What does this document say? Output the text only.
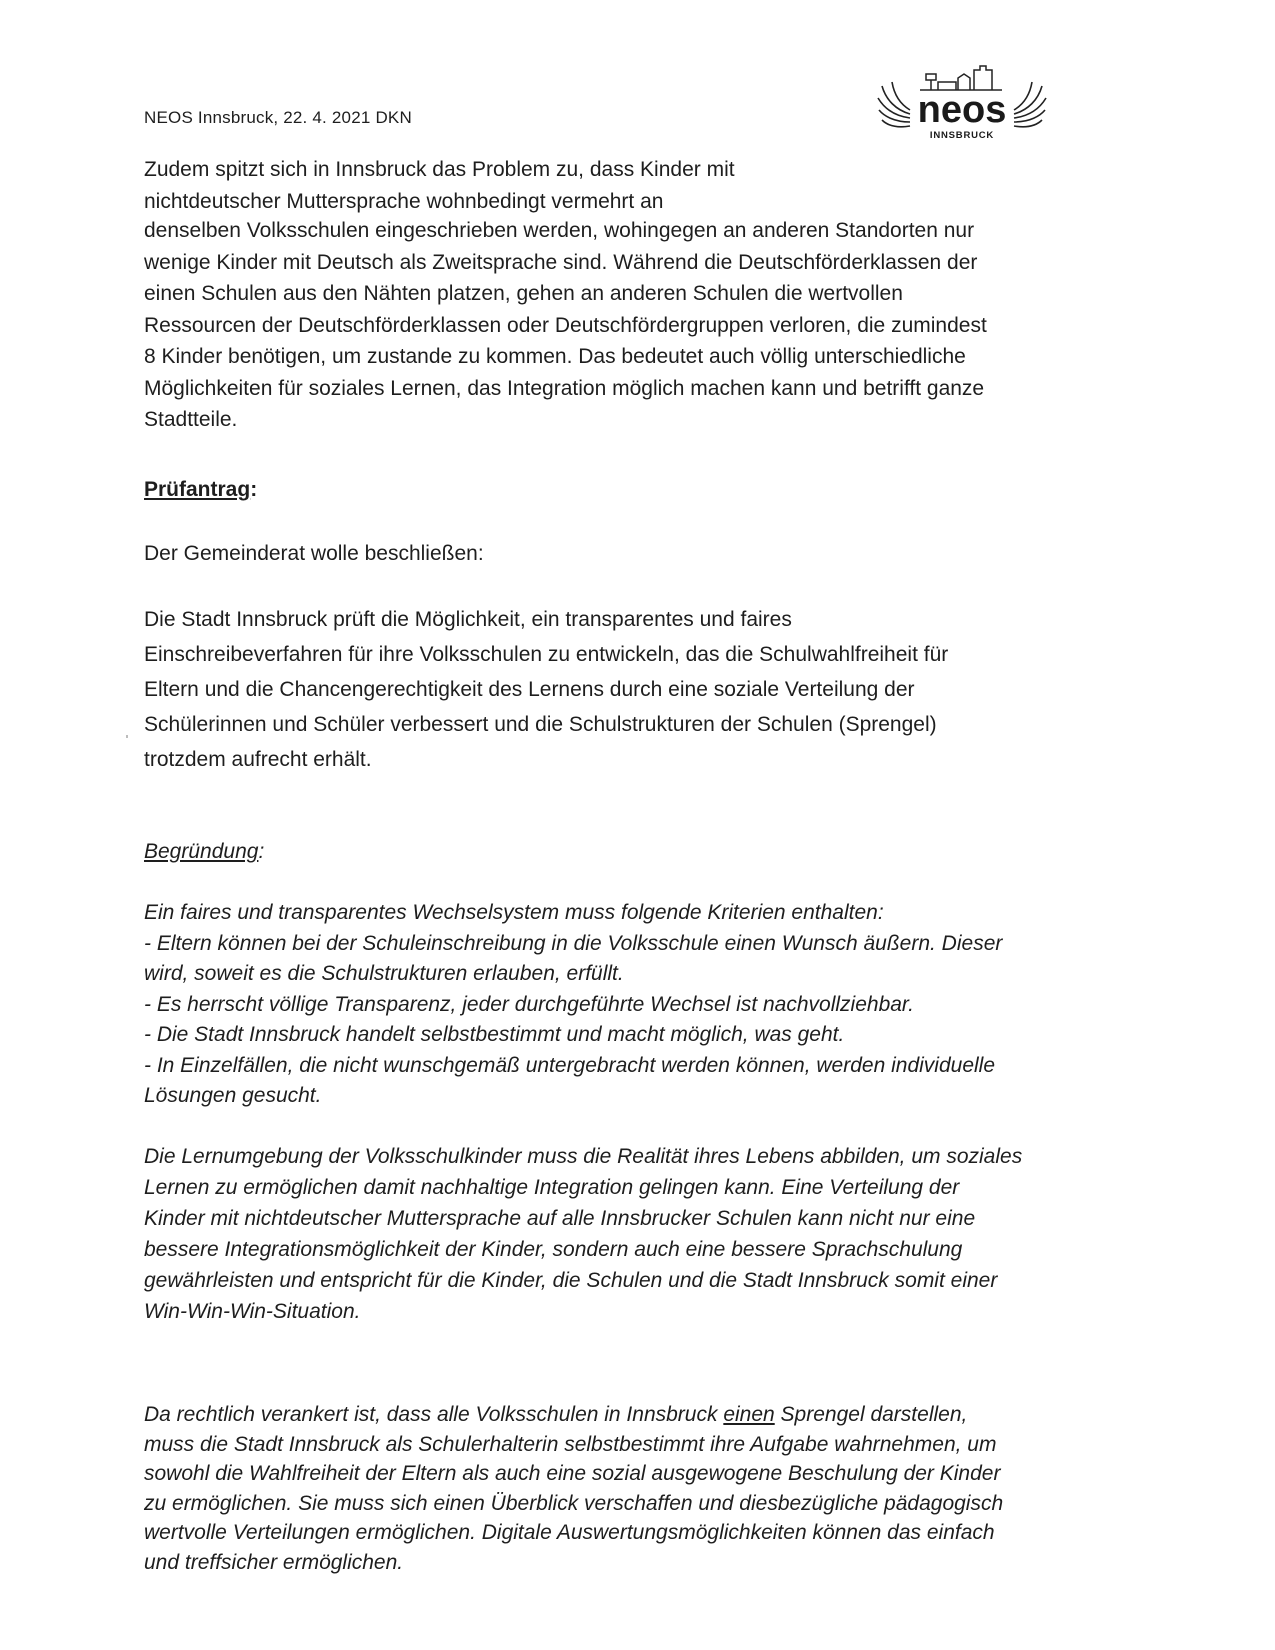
NEOS Innsbruck, 22. 4. 2021 DKN	neos
INNSBRUCK
Zudem spitzt sich in Innsbruck das Problem zu, dass Kinder mit
nichtdeutscher Muttersprache wohnbedingt vermehrt an
denselben Volksschulen eingeschrieben werden, wohingegen an anderen Standorten nur
wenige Kinder mit Deutsch als Zweitsprache sind. Während die Deutschförderklassen der
einen Schulen aus den Nähten platzen, gehen an anderen Schulen die wertvollen
Ressourcen der Deutschförderklassen oder Deutschfördergruppen verloren, die zumindest
8 Kinder benötigen, um zustande zu kommen. Das bedeutet auch völlig unterschiedliche
Möglichkeiten für soziales Lernen, das Integration möglich machen kann und betrifft ganze
Stadtteile.
Prüfantrag:
Der Gemeinderat wolle beschließen:
Die Stadt Innsbruck prüft die Möglichkeit, ein transparentes und faires
Einschreibeverfahren für ihre Volksschulen zu entwickeln, das die Schulwahlfreiheit für
Eltern und die Chancengerechtigkeit des Lernens durch eine soziale Verteilung der
Schülerinnen und Schüler verbessert und die Schulstrukturen der Schulen (Sprengel)
trotzdem aufrecht erhält.
Begründung:
Ein faires und transparentes Wechselsystem muss folgende Kriterien enthalten:
- Eltern können bei der Schuleinschreibung in die Volksschule einen Wunsch äußern. Dieser
wird, soweit es die Schulstrukturen erlauben, erfüllt.
- Es herrscht völlige Transparenz, jeder durchgeführte Wechsel ist nachvollziehbar.
- Die Stadt Innsbruck handelt selbstbestimmt und macht möglich, was geht.
- In Einzelfällen, die nicht wunschgemäß untergebracht werden können, werden individuelle
Lösungen gesucht.
Die Lernumgebung der Volksschulkinder muss die Realität ihres Lebens abbilden, um soziales
Lernen zu ermöglichen damit nachhaltige Integration gelingen kann. Eine Verteilung der
Kinder mit nichtdeutscher Muttersprache auf alle Innsbrucker Schulen kann nicht nur eine
bessere Integrationsmöglichkeit der Kinder, sondern auch eine bessere Sprachschulung
gewährleisten und entspricht für die Kinder, die Schulen und die Stadt Innsbruck somit einer
Win-Win-Win-Situation.
Da rechtlich verankert ist, dass alle Volksschulen in Innsbruck einen Sprengel darstellen,
muss die Stadt Innsbruck als Schulerhalterin selbstbestimmt ihre Aufgabe wahrnehmen, um
sowohl die Wahlfreiheit der Eltern als auch eine sozial ausgewogene Beschulung der Kinder
zu ermöglichen. Sie muss sich einen Überblick verschaffen und diesbezügliche pädagogisch
wertvolle Verteilungen ermöglichen. Digitale Auswertungsmöglichkeiten können das einfach
und treffsicher ermöglichen.
